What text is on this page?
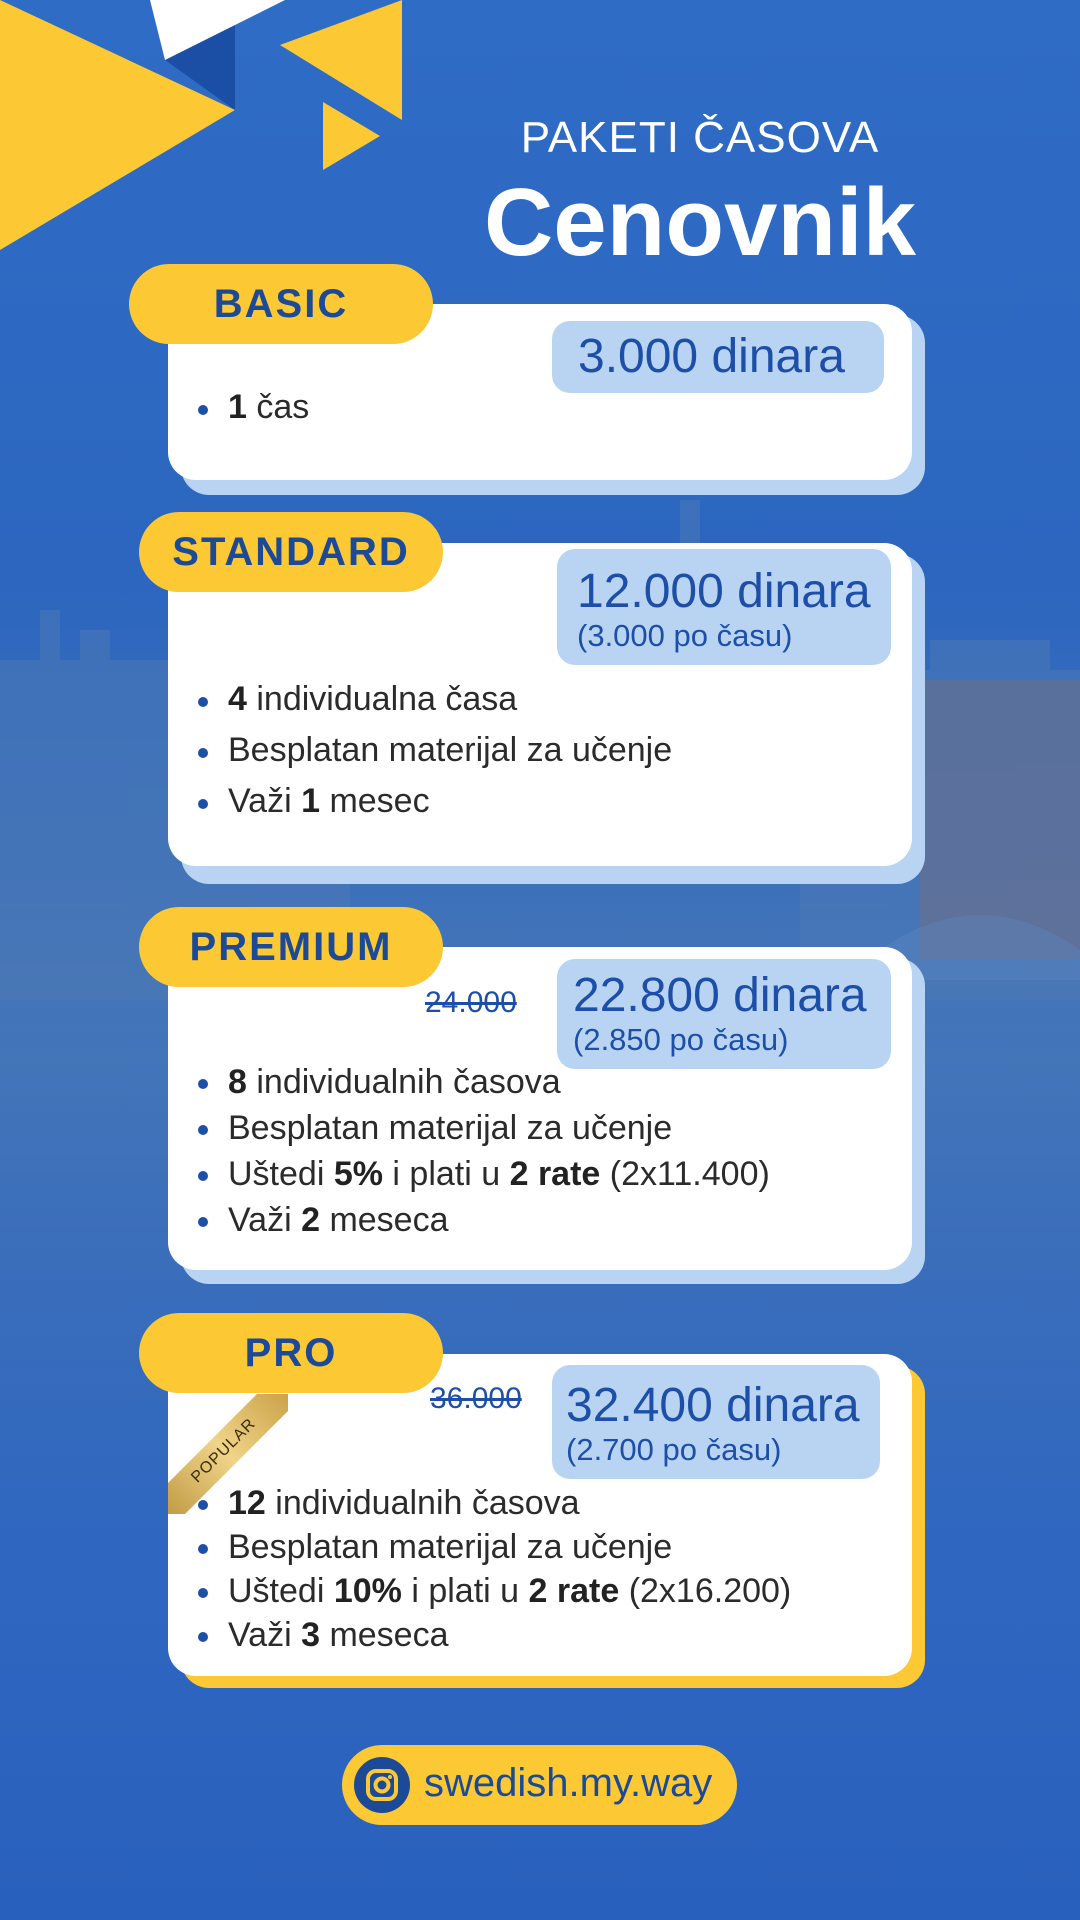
PAKETI ČASOVA
Cenovnik
BASIC
3.000 dinara
1 čas
STANDARD
12.000 dinara
(3.000 po času)
4 individualna časa
Besplatan materijal za učenje
Važi 1 mesec
PREMIUM
24.000 22.800 dinara
(2.850 po času)
8 individualnih časova
Besplatan materijal za učenje
Uštedi 5% i plati u 2 rate (2x11.400)
Važi 2 meseca
POPULAR
PRO
36.000 32.400 dinara
(2.700 po času)
12 individualnih časova
Besplatan materijal za učenje
Uštedi 10% i plati u 2 rate (2x16.200)
Važi 3 meseca
swedish.my.way
